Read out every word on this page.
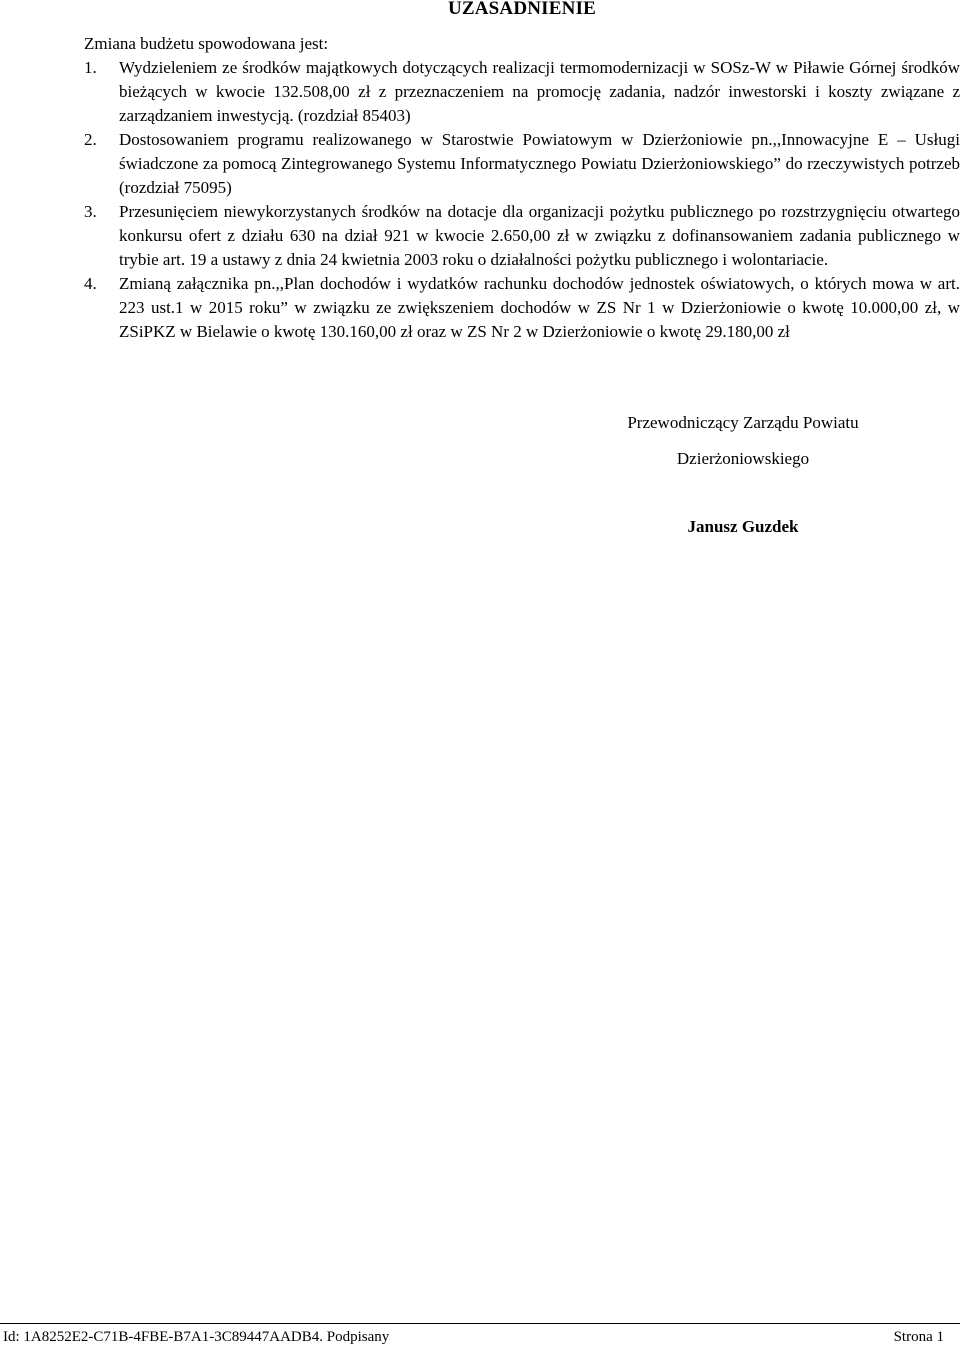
UZASADNIENIE
Zmiana budżetu spowodowana jest:
1.	Wydzieleniem ze środków majątkowych dotyczących realizacji termomodernizacji w SOSz-W w Piławie Górnej środków bieżących w kwocie 132.508,00 zł z przeznaczeniem na promocję zadania, nadzór inwestorski i koszty związane z zarządzaniem inwestycją. (rozdział 85403)
2.	Dostosowaniem programu realizowanego w Starostwie Powiatowym w Dzierżoniowie pn.,,Innowacyjne E – Usługi świadczone za pomocą Zintegrowanego Systemu Informatycznego Powiatu Dzierżoniowskiego” do rzeczywistych potrzeb (rozdział 75095)
3.	Przesunięciem niewykorzystanych środków na dotacje dla organizacji pożytku publicznego po rozstrzygnięciu otwartego konkursu ofert z działu 630 na dział 921 w kwocie 2.650,00 zł w związku z dofinansowaniem zadania publicznego w trybie art. 19 a ustawy z dnia 24 kwietnia 2003 roku o działalności pożytku publicznego i wolontariacie.
4.	Zmianą załącznika pn.,,Plan dochodów i wydatków rachunku dochodów jednostek oświatowych, o których mowa w art. 223 ust.1 w 2015 roku” w związku ze zwiększeniem dochodów w ZS Nr 1 w Dzierżoniowie o kwotę 10.000,00 zł, w ZSiPKZ w Bielawie o kwotę 130.160,00 zł oraz w ZS Nr 2 w Dzierżoniowie o kwotę 29.180,00 zł
Przewodniczący Zarządu Powiatu
Dzierżoniowskiego
Janusz Guzdek
Id: 1A8252E2-C71B-4FBE-B7A1-3C89447AADB4. Podpisany	Strona 1
